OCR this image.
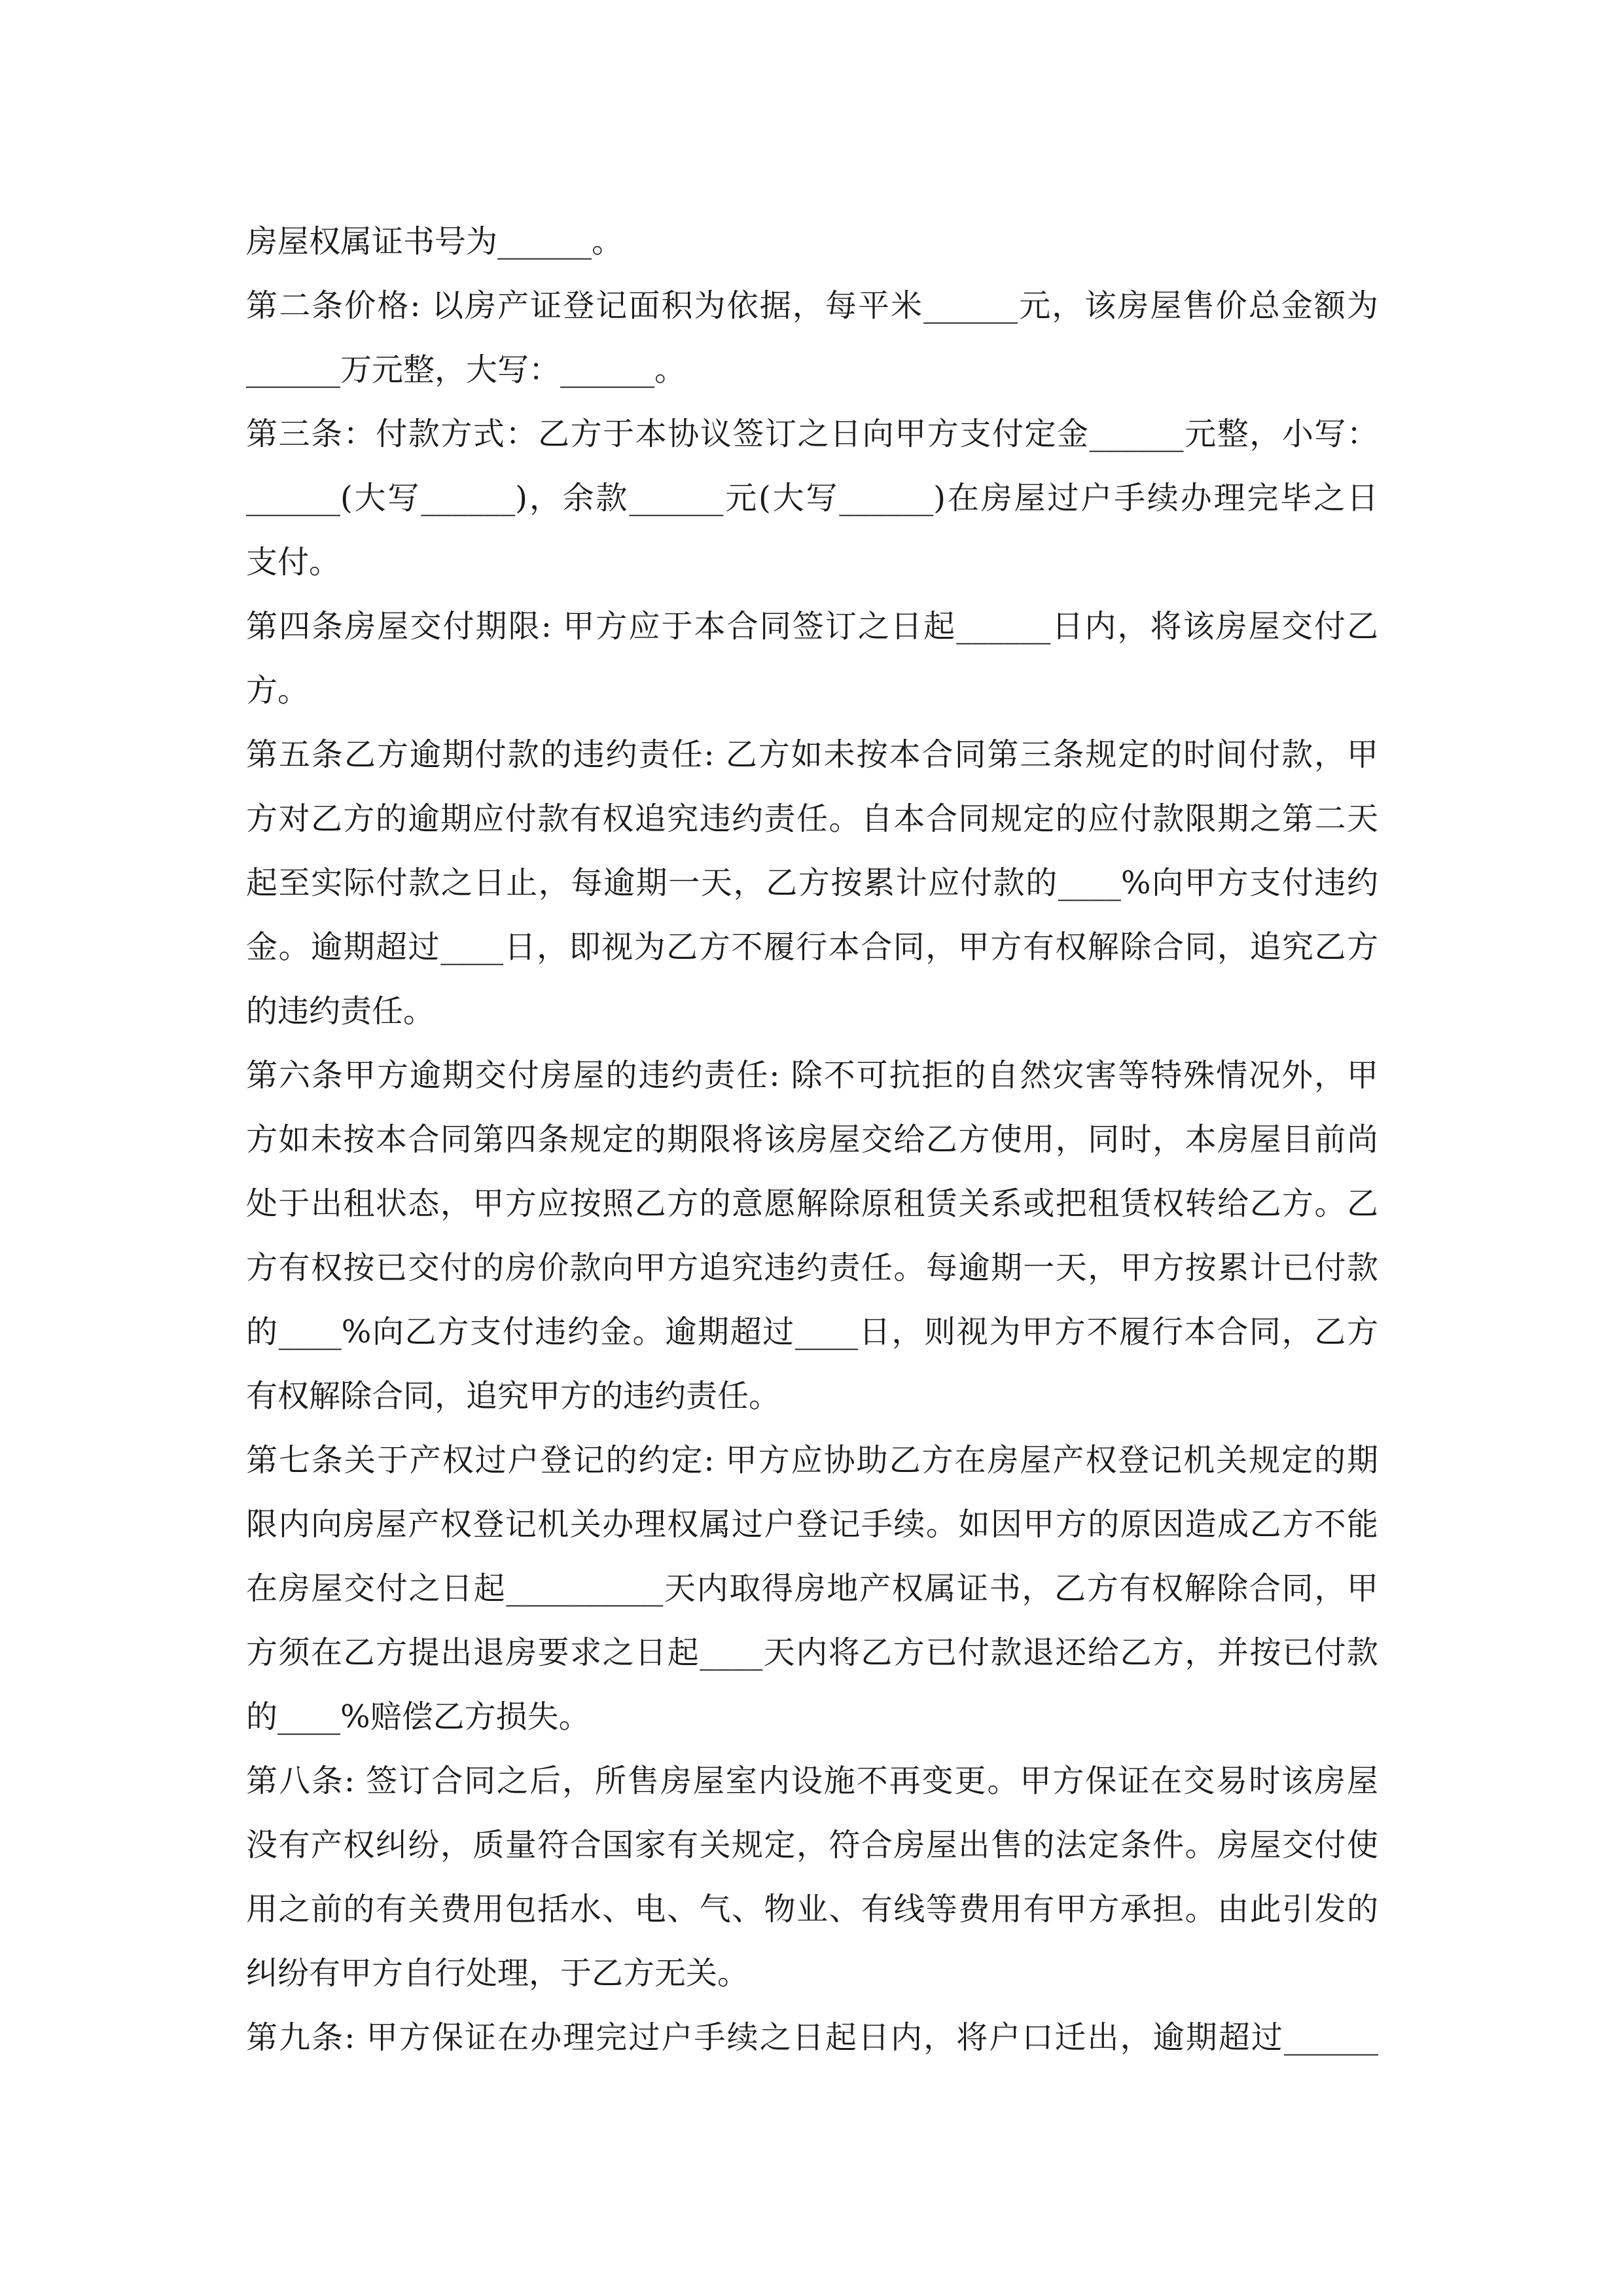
房屋权属证书号为______。
第二条价格: 以房产证登记面积为依据，每平米______元，该房屋售价总金额为
______万元整，大写：______。
第三条：付款方式：乙方于本协议签订之日向甲方支付定金______元整，小写：
______(大写______)，余款______元(大写______)在房屋过户手续办理完毕之日
支付。
第四条房屋交付期限: 甲方应于本合同签订之日起______日内，将该房屋交付乙
方。
第五条乙方逾期付款的违约责任: 乙方如未按本合同第三条规定的时间付款，甲
方对乙方的逾期应付款有权追究违约责任。自本合同规定的应付款限期之第二天
起至实际付款之日止，每逾期一天，乙方按累计应付款的____%向甲方支付违约
金。逾期超过____日，即视为乙方不履行本合同，甲方有权解除合同，追究乙方
的违约责任。
第六条甲方逾期交付房屋的违约责任: 除不可抗拒的自然灾害等特殊情况外，甲
方如未按本合同第四条规定的期限将该房屋交给乙方使用，同时，本房屋目前尚
处于出租状态，甲方应按照乙方的意愿解除原租赁关系或把租赁权转给乙方。乙
方有权按已交付的房价款向甲方追究违约责任。每逾期一天，甲方按累计已付款
的____%向乙方支付违约金。逾期超过____日，则视为甲方不履行本合同，乙方
有权解除合同，追究甲方的违约责任。
第七条关于产权过户登记的约定: 甲方应协助乙方在房屋产权登记机关规定的期
限内向房屋产权登记机关办理权属过户登记手续。如因甲方的原因造成乙方不能
在房屋交付之日起__________天内取得房地产权属证书，乙方有权解除合同，甲
方须在乙方提出退房要求之日起____天内将乙方已付款退还给乙方，并按已付款
的____%赔偿乙方损失。
第八条: 签订合同之后，所售房屋室内设施不再变更。甲方保证在交易时该房屋
没有产权纠纷，质量符合国家有关规定，符合房屋出售的法定条件。房屋交付使
用之前的有关费用包括水、电、气、物业、有线等费用有甲方承担。由此引发的
纠纷有甲方自行处理，于乙方无关。
第九条: 甲方保证在办理完过户手续之日起日内，将户口迁出，逾期超过______
